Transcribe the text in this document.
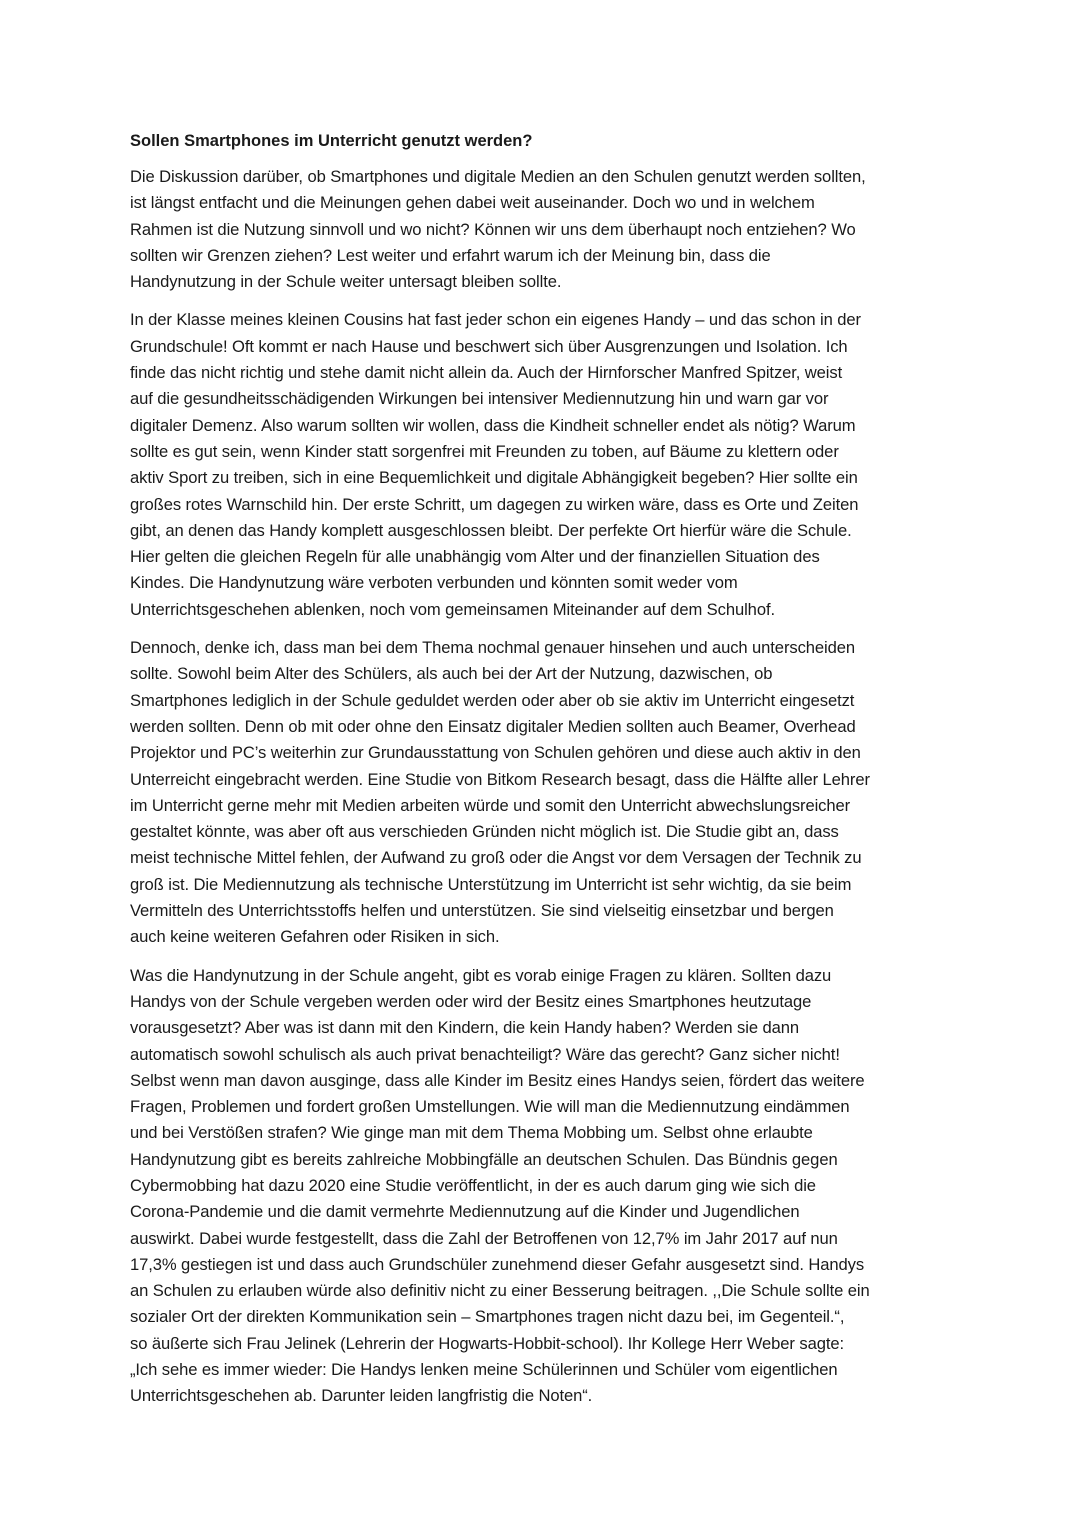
Sollen Smartphones im Unterricht genutzt werden?
Die Diskussion darüber, ob Smartphones und digitale Medien an den Schulen genutzt werden sollten,
ist längst entfacht und die Meinungen gehen dabei weit auseinander. Doch wo und in welchem
Rahmen ist die Nutzung sinnvoll und wo nicht? Können wir uns dem überhaupt noch entziehen? Wo
sollten wir Grenzen ziehen? Lest weiter und erfahrt warum ich der Meinung bin, dass die
Handynutzung in der Schule weiter untersagt bleiben sollte.
In der Klasse meines kleinen Cousins hat fast jeder schon ein eigenes Handy – und das schon in der
Grundschule! Oft kommt er nach Hause und beschwert sich über Ausgrenzungen und Isolation. Ich
finde das nicht richtig und stehe damit nicht allein da. Auch der Hirnforscher Manfred Spitzer, weist
auf die gesundheitsschädigenden Wirkungen bei intensiver Mediennutzung hin und warn gar vor
digitaler Demenz. Also warum sollten wir wollen, dass die Kindheit schneller endet als nötig? Warum
sollte es gut sein, wenn Kinder statt sorgenfrei mit Freunden zu toben, auf Bäume zu klettern oder
aktiv Sport zu treiben, sich in eine Bequemlichkeit und digitale Abhängigkeit begeben? Hier sollte ein
großes rotes Warnschild hin. Der erste Schritt, um dagegen zu wirken wäre, dass es Orte und Zeiten
gibt, an denen das Handy komplett ausgeschlossen bleibt. Der perfekte Ort hierfür wäre die Schule.
Hier gelten die gleichen Regeln für alle unabhängig vom Alter und der finanziellen Situation des
Kindes. Die Handynutzung wäre verboten verbunden und könnten somit weder vom
Unterrichtsgeschehen ablenken, noch vom gemeinsamen Miteinander auf dem Schulhof.
Dennoch, denke ich, dass man bei dem Thema nochmal genauer hinsehen und auch unterscheiden
sollte. Sowohl beim Alter des Schülers, als auch bei der Art der Nutzung, dazwischen, ob
Smartphones lediglich in der Schule geduldet werden oder aber ob sie aktiv im Unterricht eingesetzt
werden sollten. Denn ob mit oder ohne den Einsatz digitaler Medien sollten auch Beamer, Overhead
Projektor und PC’s weiterhin zur Grundausstattung von Schulen gehören und diese auch aktiv in den
Unterreicht eingebracht werden. Eine Studie von Bitkom Research besagt, dass die Hälfte aller Lehrer
im Unterricht gerne mehr mit Medien arbeiten würde und somit den Unterricht abwechslungsreicher
gestaltet könnte, was aber oft aus verschieden Gründen nicht möglich ist. Die Studie gibt an, dass
meist technische Mittel fehlen, der Aufwand zu groß oder die Angst vor dem Versagen der Technik zu
groß ist. Die Mediennutzung als technische Unterstützung im Unterricht ist sehr wichtig, da sie beim
Vermitteln des Unterrichtsstoffs helfen und unterstützen. Sie sind vielseitig einsetzbar und bergen
auch keine weiteren Gefahren oder Risiken in sich.
Was die Handynutzung in der Schule angeht, gibt es vorab einige Fragen zu klären. Sollten dazu
Handys von der Schule vergeben werden oder wird der Besitz eines Smartphones heutzutage
vorausgesetzt? Aber was ist dann mit den Kindern, die kein Handy haben? Werden sie dann
automatisch sowohl schulisch als auch privat benachteiligt? Wäre das gerecht? Ganz sicher nicht!
Selbst wenn man davon ausginge, dass alle Kinder im Besitz eines Handys seien, fördert das weitere
Fragen, Problemen und fordert großen Umstellungen. Wie will man die Mediennutzung eindämmen
und bei Verstößen strafen? Wie ginge man mit dem Thema Mobbing um. Selbst ohne erlaubte
Handynutzung gibt es bereits zahlreiche Mobbingfälle an deutschen Schulen. Das Bündnis gegen
Cybermobbing hat dazu 2020 eine Studie veröffentlicht, in der es auch darum ging wie sich die
Corona-Pandemie und die damit vermehrte Mediennutzung auf die Kinder und Jugendlichen
auswirkt. Dabei wurde festgestellt, dass die Zahl der Betroffenen von 12,7% im Jahr 2017 auf nun
17,3% gestiegen ist und dass auch Grundschüler zunehmend dieser Gefahr ausgesetzt sind. Handys
an Schulen zu erlauben würde also definitiv nicht zu einer Besserung beitragen. ,,Die Schule sollte ein
sozialer Ort der direkten Kommunikation sein – Smartphones tragen nicht dazu bei, im Gegenteil.“,
so äußerte sich Frau Jelinek (Lehrerin der Hogwarts-Hobbit-school). Ihr Kollege Herr Weber sagte:
„Ich sehe es immer wieder: Die Handys lenken meine Schülerinnen und Schüler vom eigentlichen
Unterrichtsgeschehen ab. Darunter leiden langfristig die Noten“.
